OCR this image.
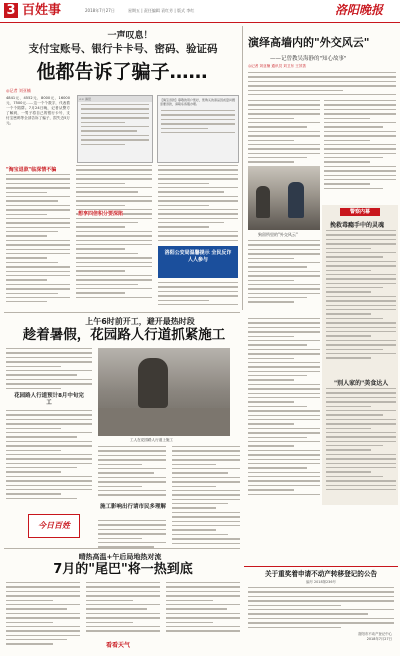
3 百姓事	2018年7月27日	星期五 | 责任编辑 袁红芳 | 版式 李红	洛阳晚报
一声叹息！
支付宝账号、银行卡卡号、密码、验证码
他都告诉了骗子……
◎记者 刘亚楠
4841元、4552元、8000元、16000元、7500元……这一个个数字，代表着一个个陷阱。7月24日晚，记者从警方了解到，一男子将自己的银行卡号、支付宝密码等全部告诉了骗子，损失近5万元。
<< 消息	【淘宝退款】尊敬的用户您好，您购买的商品因质量问题需要退款，请联系客服办理。
"淘宝退款"临深情不骗
想享四倍积分要深陷
洛阳公安局温馨提示 全民反诈 人人参与
演绎高墙内的"外交风云"
——记曾教吴海静的"知心故事"
◎记者 刘亚楠 通讯员 刘卫东 王效善
狗留所里的"外交风云"
警察内幕
挽救毒瘾手中的灵魂
"别人家的"美食达人
上午6时前开工，避开最热时段
趁着暑假，花园路人行道抓紧施工
工人在花园路人行道上施工
花园路人行道预计8月中旬完工
施工影响出行请市民多理解
今日百姓
晴热高温+午后局地热对流
7月的"尾巴"将一热到底
看看天气
关于重奖着申请不动产转移登记的公告
编号 2018第236号
洛阳市不动产登记中心
2018年7月27日
